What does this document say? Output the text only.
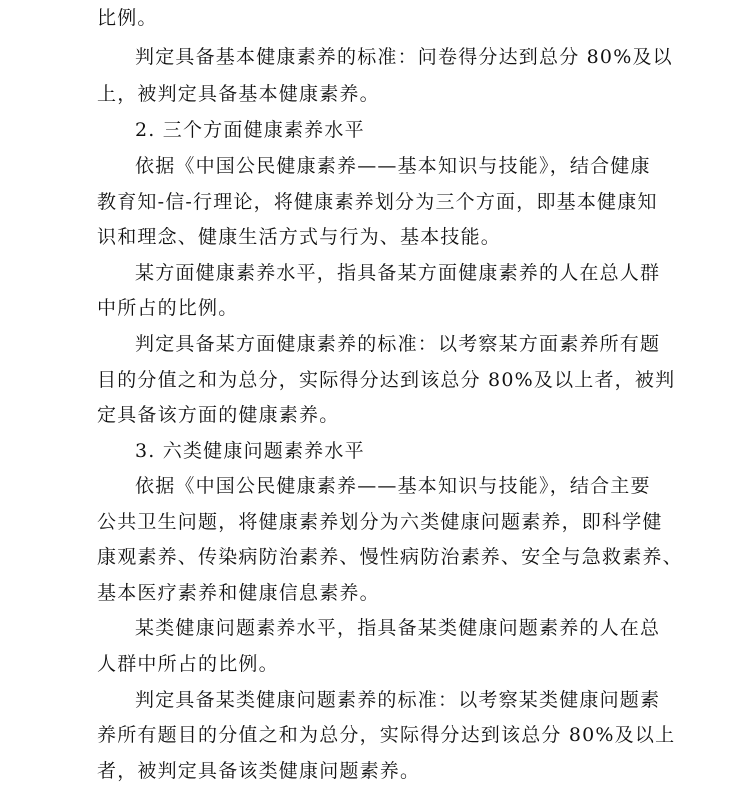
比例。
判定具备基本健康素养的标准：问卷得分达到总分 80%及以
上，被判定具备基本健康素养。
2. 三个方面健康素养水平
依据《中国公民健康素养——基本知识与技能》，结合健康
教育知-信-行理论，将健康素养划分为三个方面，即基本健康知
识和理念、健康生活方式与行为、基本技能。
某方面健康素养水平，指具备某方面健康素养的人在总人群
中所占的比例。
判定具备某方面健康素养的标准：以考察某方面素养所有题
目的分值之和为总分，实际得分达到该总分 80%及以上者，被判
定具备该方面的健康素养。
3. 六类健康问题素养水平
依据《中国公民健康素养——基本知识与技能》，结合主要
公共卫生问题，将健康素养划分为六类健康问题素养，即科学健
康观素养、传染病防治素养、慢性病防治素养、安全与急救素养、
基本医疗素养和健康信息素养。
某类健康问题素养水平，指具备某类健康问题素养的人在总
人群中所占的比例。
判定具备某类健康问题素养的标准：以考察某类健康问题素
养所有题目的分值之和为总分，实际得分达到该总分 80%及以上
者，被判定具备该类健康问题素养。
